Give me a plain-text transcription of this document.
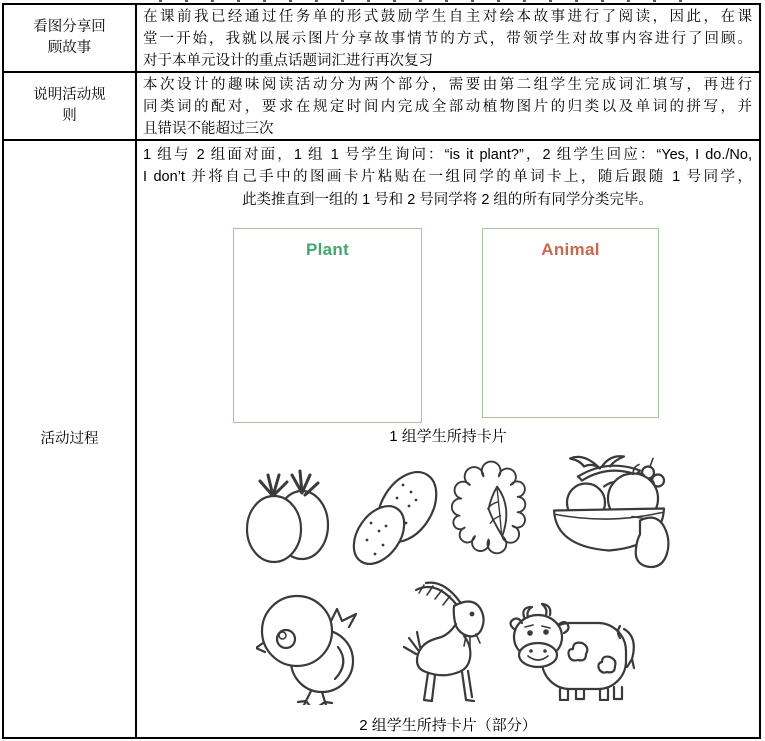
看图分享回
顾故事
在课前我已经通过任务单的形式鼓励学生自主对绘本故事进行了阅读，因此，在课
堂一开始，我就以展示图片分享故事情节的方式，带领学生对故事内容进行了回顾。
对于本单元设计的重点话题词汇进行再次复习
说明活动规
则
本次设计的趣味阅读活动分为两个部分，需要由第二组学生完成词汇填写，再进行
同类词的配对，要求在规定时间内完成全部动植物图片的归类以及单词的拼写，并
且错误不能超过三次
活动过程
1 组与 2 组面对面，1 组 1 号学生询问：“is it plant?”，2 组学生回应：“Yes, I do./No,
I don’t 并将自己手中的图画卡片粘贴在一组同学的单词卡上，随后跟随 1 号同学，
此类推直到一组的 1 号和 2 号同学将 2 组的所有同学分类完毕。
Plant	Animal
1 组学生所持卡片
2 组学生所持卡片（部分）
